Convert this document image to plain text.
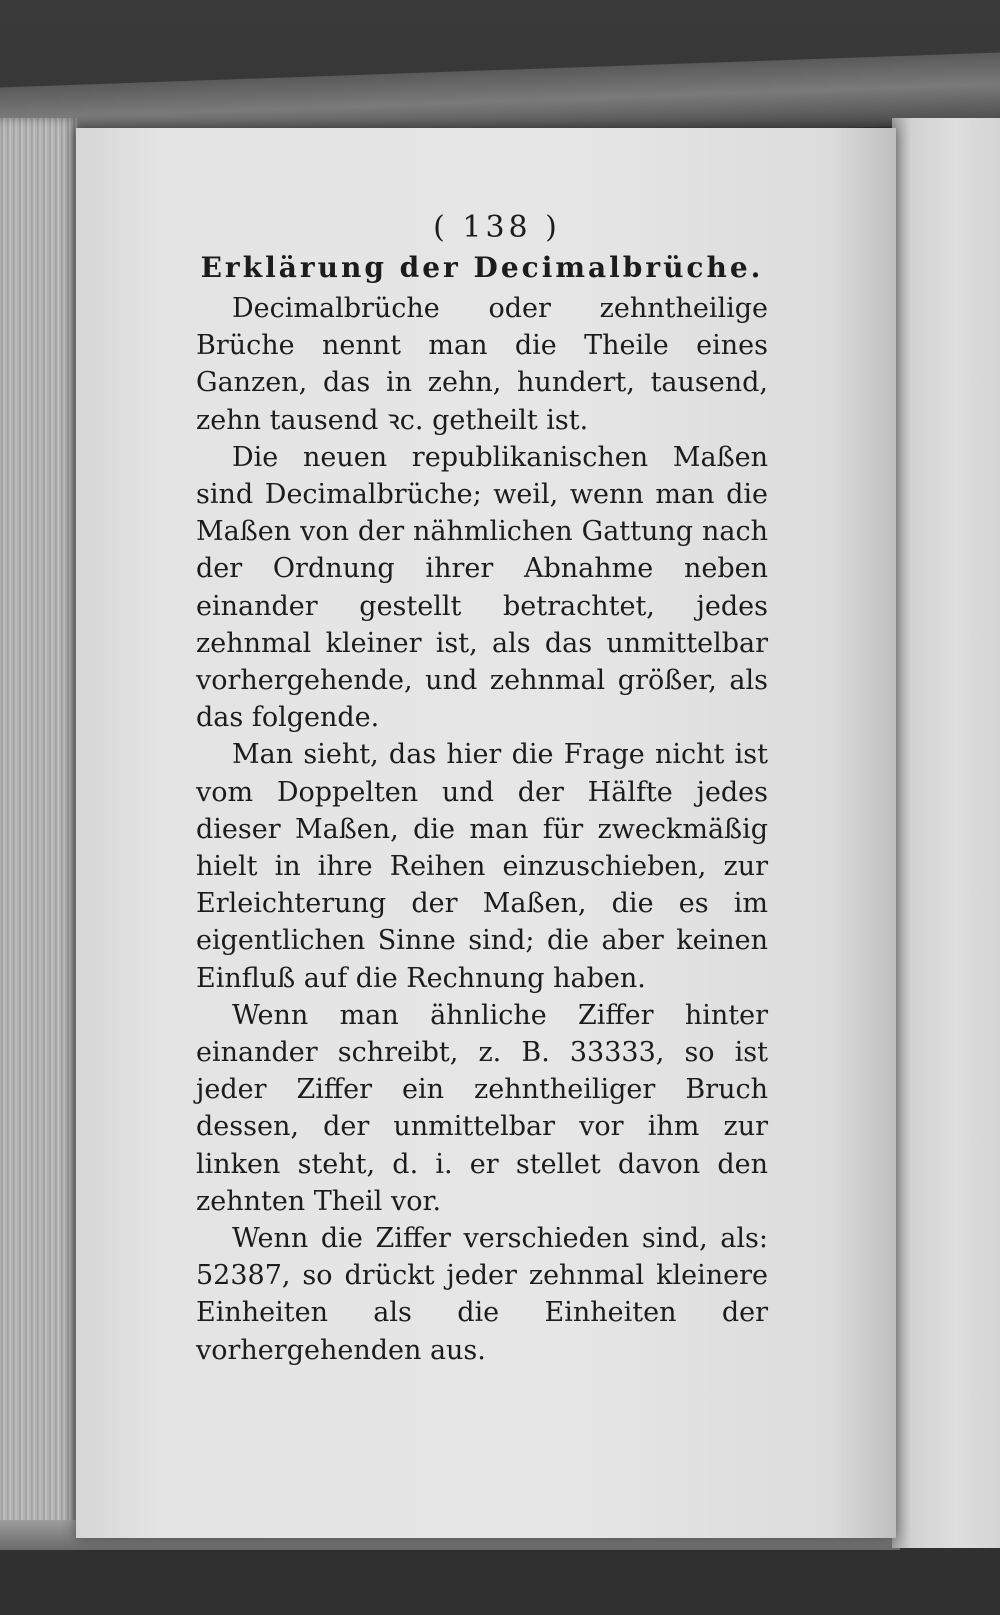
( 138 )
Erklärung der Decimalbrüche.

Decimalbrüche oder zehntheilige Brüche nennt man die Theile eines Ganzen, das in zehn, hundert, tausend, zehn tausend ꝛc. getheilt ist.

Die neuen republikanischen Maßen sind Decimalbrüche; weil, wenn man die Maßen von der nähmlichen Gattung nach der Ordnung ihrer Abnahme neben einander gestellt betrachtet, jedes zehnmal kleiner ist, als das unmittelbar vorhergehende, und zehnmal größer, als das folgende.

Man sieht, das hier die Frage nicht ist vom Doppelten und der Hälfte jedes dieser Maßen, die man für zweckmäßig hielt in ihre Reihen einzuschieben, zur Erleichterung der Maßen, die es im eigentlichen Sinne sind; die aber keinen Einfluß auf die Rechnung haben.

Wenn man ähnliche Ziffer hinter einander schreibt, z. B. 33333, so ist jeder Ziffer ein zehntheiliger Bruch dessen, der unmittelbar vor ihm zur linken steht, d. i. er stellet davon den zehnten Theil vor.

Wenn die Ziffer verschieden sind, als: 52387, so drückt jeder zehnmal kleinere Einheiten als die Einheiten der vorhergehenden aus.
